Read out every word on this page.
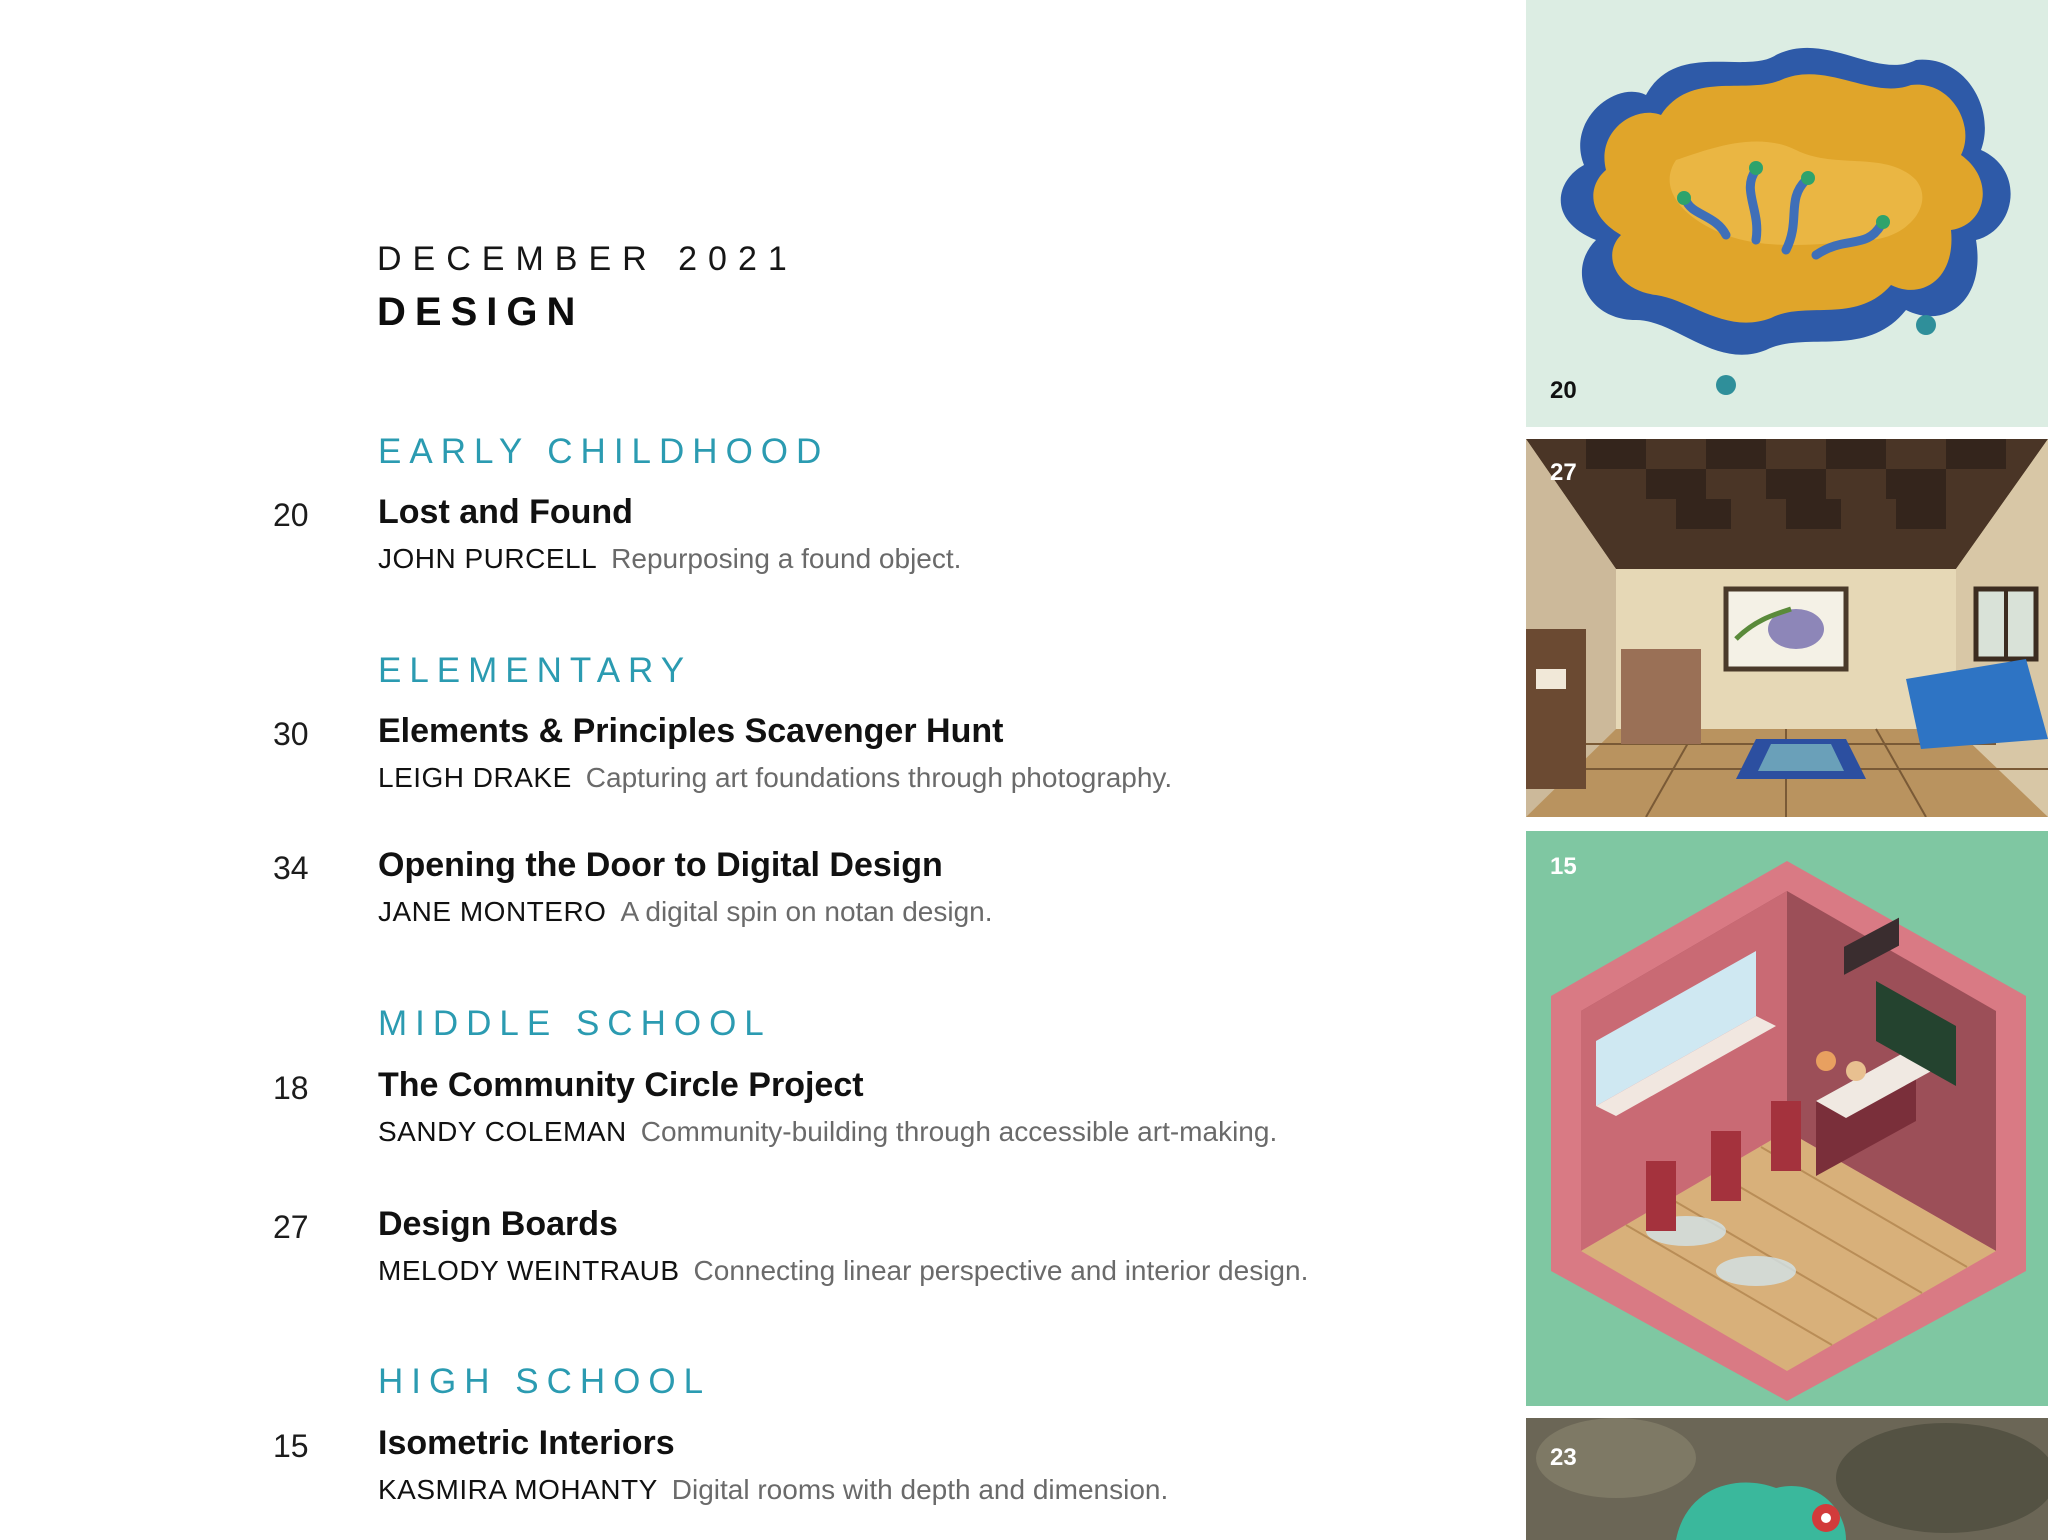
DECEMBER 2021
DESIGN
EARLY CHILDHOOD
20 Lost and Found
JOHN PURCELL Repurposing a found object.
ELEMENTARY
30 Elements & Principles Scavenger Hunt
LEIGH DRAKE Capturing art foundations through photography.
34 Opening the Door to Digital Design
JANE MONTERO A digital spin on notan design.
MIDDLE SCHOOL
18 The Community Circle Project
SANDY COLEMAN Community-building through accessible art-making.
27 Design Boards
MELODY WEINTRAUB Connecting linear perspective and interior design.
HIGH SCHOOL
15 Isometric Interiors
KASMIRA MOHANTY Digital rooms with depth and dimension.
20
27
15
23
